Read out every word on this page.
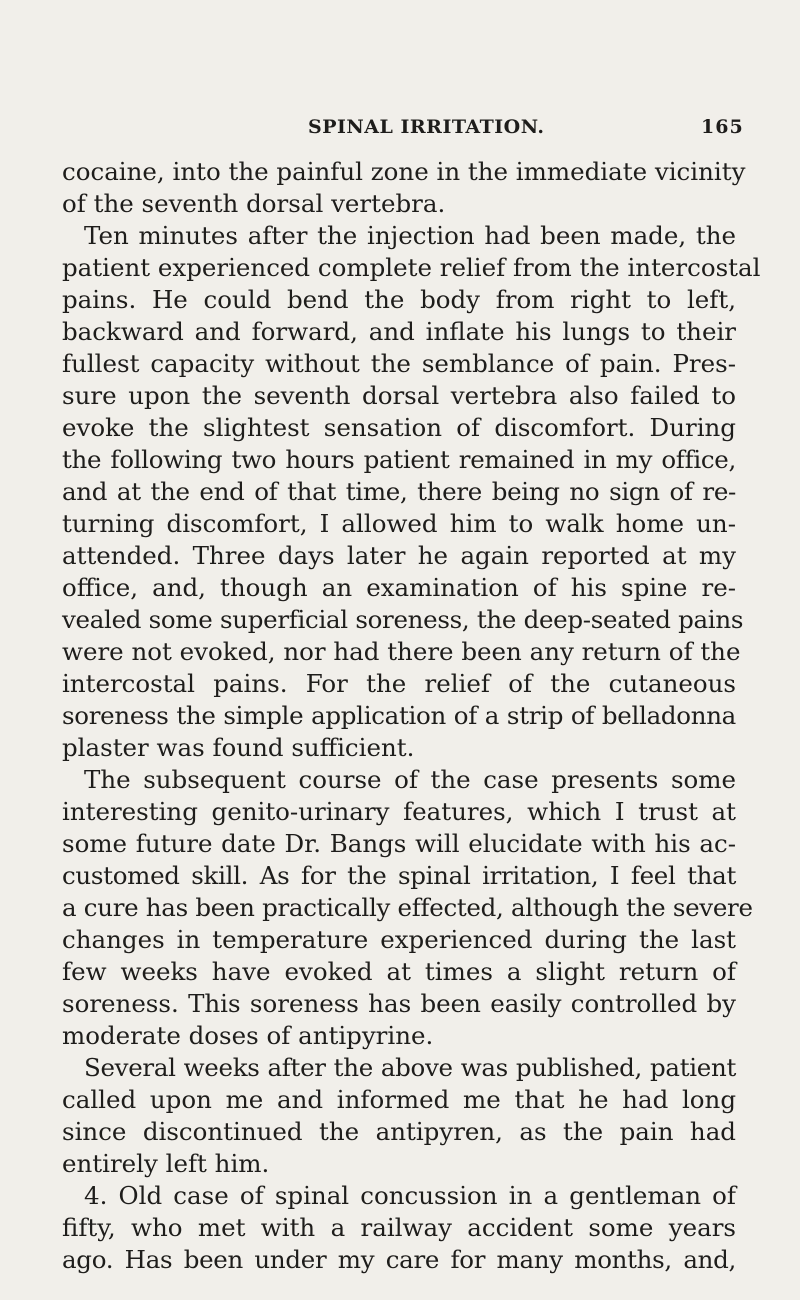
SPINAL IRRITATION.	165
cocaine, into the painful zone in the immediate vicinity
of the seventh dorsal vertebra.
Ten minutes after the injection had been made, the
patient experienced complete relief from the intercostal
pains. He could bend the body from right to left,
backward and forward, and inflate his lungs to their
fullest capacity without the semblance of pain. Pres-
sure upon the seventh dorsal vertebra also failed to
evoke the slightest sensation of discomfort. During
the following two hours patient remained in my office,
and at the end of that time, there being no sign of re-
turning discomfort, I allowed him to walk home un-
attended. Three days later he again reported at my
office, and, though an examination of his spine re-
vealed some superficial soreness, the deep-seated pains
were not evoked, nor had there been any return of the
intercostal pains. For the relief of the cutaneous
soreness the simple application of a strip of belladonna
plaster was found sufficient.
The subsequent course of the case presents some
interesting genito-urinary features, which I trust at
some future date Dr. Bangs will elucidate with his ac-
customed skill. As for the spinal irritation, I feel that
a cure has been practically effected, although the severe
changes in temperature experienced during the last
few weeks have evoked at times a slight return of
soreness. This soreness has been easily controlled by
moderate doses of antipyrine.
Several weeks after the above was published, patient
called upon me and informed me that he had long
since discontinued the antipyren, as the pain had
entirely left him.
4. Old case of spinal concussion in a gentleman of
fifty, who met with a railway accident some years
ago. Has been under my care for many months, and,
